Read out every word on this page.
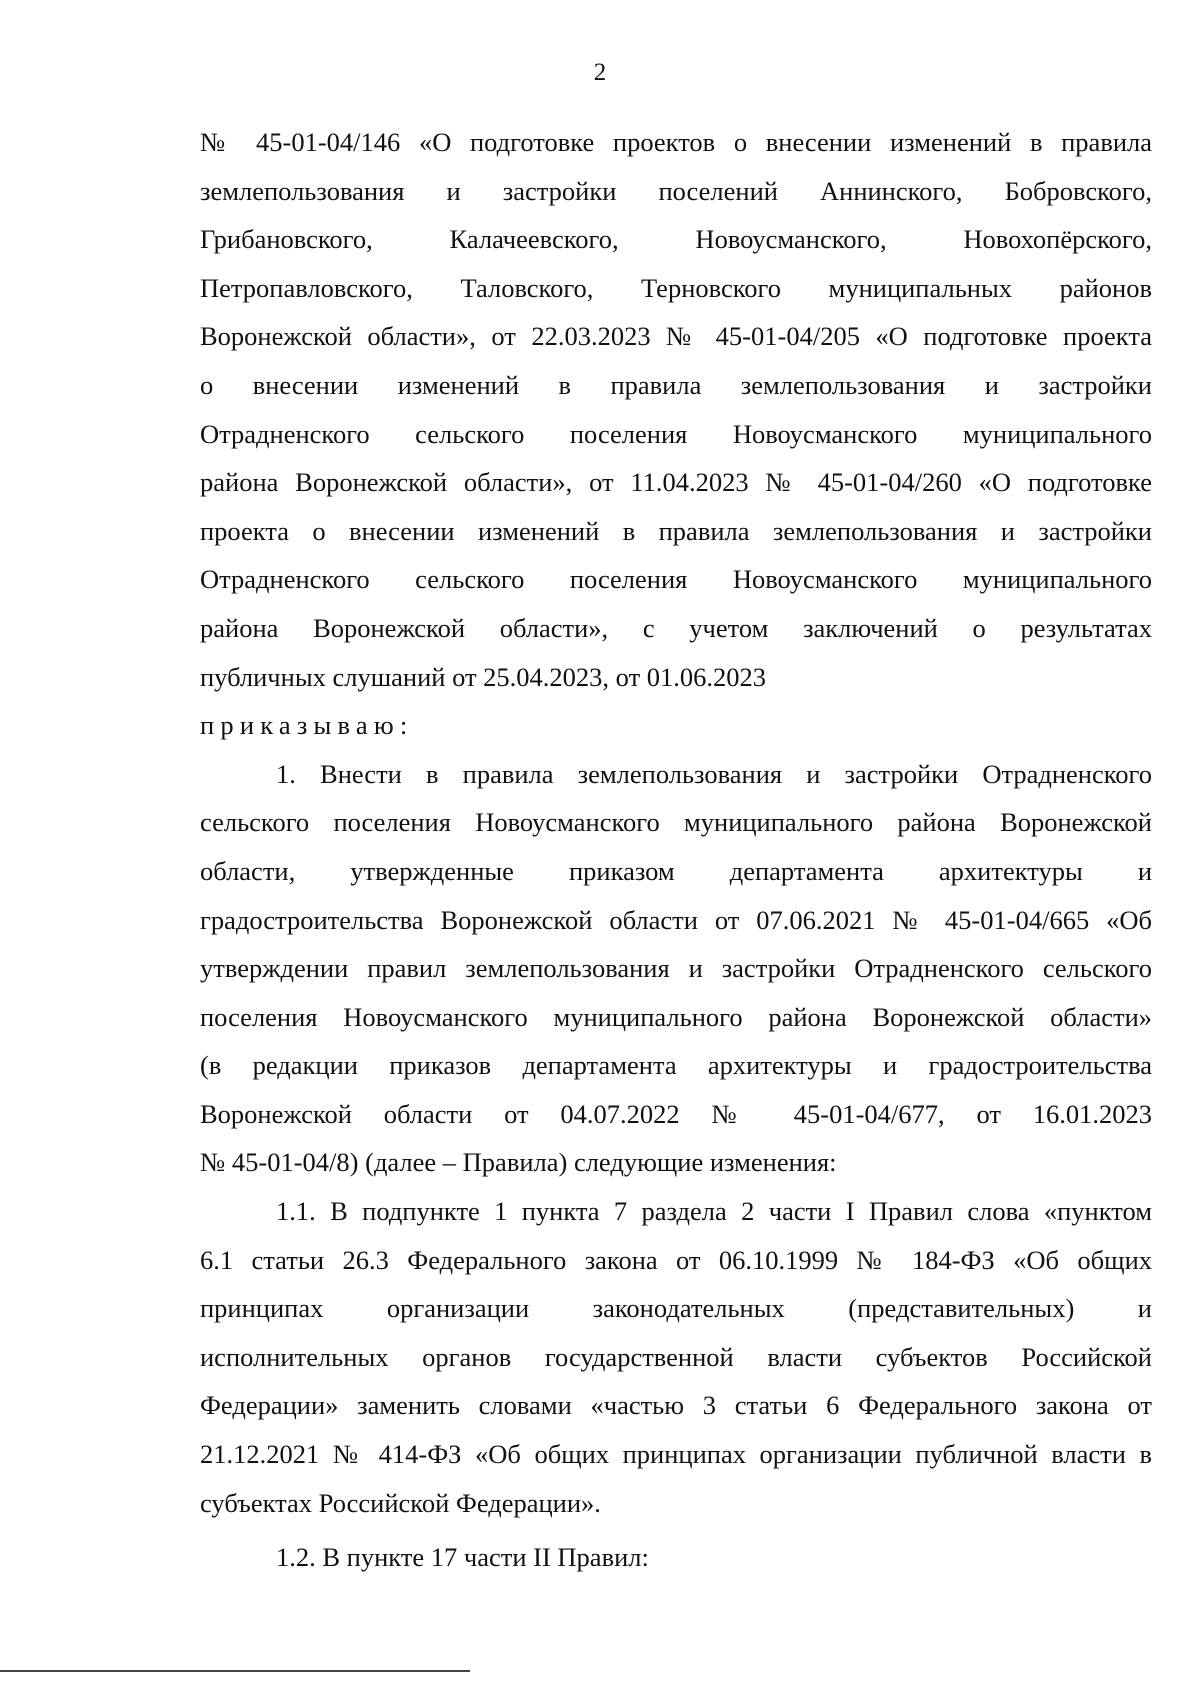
2
№ 45-01-04/146 «О подготовке проектов о внесении изменений в правила
землепользования и застройки поселений Аннинского, Бобровского,
Грибановского, Калачеевского, Новоусманского, Новохопёрского,
Петропавловского, Таловского, Терновского муниципальных районов
Воронежской области», от 22.03.2023 № 45-01-04/205 «О подготовке проекта
о внесении изменений в правила землепользования и застройки
Отрадненского сельского поселения Новоусманского муниципального
района Воронежской области», от 11.04.2023 № 45-01-04/260 «О подготовке
проекта о внесении изменений в правила землепользования и застройки
Отрадненского сельского поселения Новоусманского муниципального
района Воронежской области», с учетом заключений о результатах
публичных слушаний от 25.04.2023, от 01.06.2023
приказываю:
1. Внести в правила землепользования и застройки Отрадненского
сельского поселения Новоусманского муниципального района Воронежской
области, утвержденные приказом департамента архитектуры и
градостроительства Воронежской области от 07.06.2021 № 45-01-04/665 «Об
утверждении правил землепользования и застройки Отрадненского сельского
поселения Новоусманского муниципального района Воронежской области»
(в редакции приказов департамента архитектуры и градостроительства
Воронежской области от 04.07.2022 № 45-01-04/677, от 16.01.2023
№ 45-01-04/8) (далее – Правила) следующие изменения:
1.1. В подпункте 1 пункта 7 раздела 2 части I Правил слова «пунктом
6.1 статьи 26.3 Федерального закона от 06.10.1999 № 184-ФЗ «Об общих
принципах организации законодательных (представительных) и
исполнительных органов государственной власти субъектов Российской
Федерации» заменить словами «частью 3 статьи 6 Федерального закона от
21.12.2021 № 414-ФЗ «Об общих принципах организации публичной власти в
субъектах Российской Федерации».
1.2. В пункте 17 части II Правил:
